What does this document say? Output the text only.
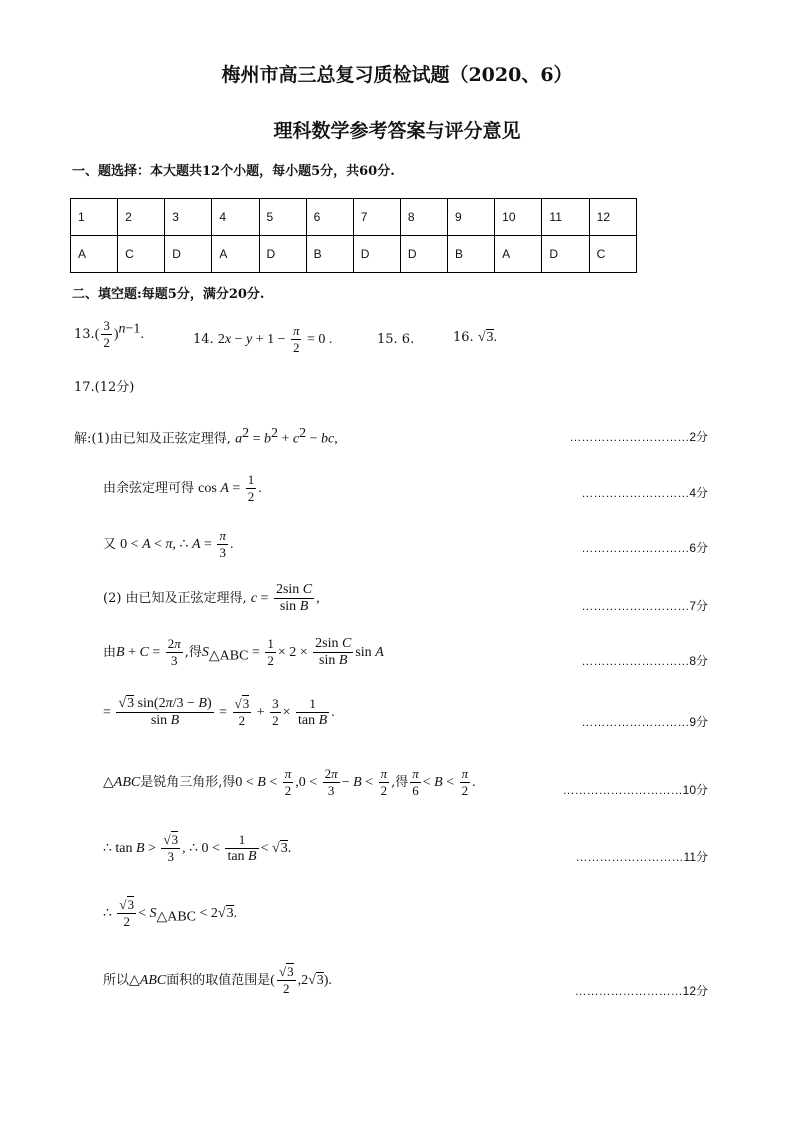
梅州市高三总复习质检试题（2020、6）
理科数学参考答案与评分意见
一、题选择：本大题共12个小题，每小题5分，共60分.
1	2	3	4	5	6	7	8	9	10	11	12
A	C	D	A	D	B	D	D	B	A	D	C
二、填空题:每题5分，满分20分.
$13.( \frac{3}{2} )^{n-1}$.	14. $2x - y + 1 - \frac{\pi}{2} = 0$ .	15. 6.	16. √3.
17.(12分)
解:(1)由已知及正弦定理得, $a^2 = b^2 + c^2$ − bc,	…………………………2分
由余弦定理可得 $\cos A = \frac{1}{2}$ .	………………………4分
又 0 < A < π, ∴ $A = \frac{\pi}{3}$ .	………………………6分
(2) 由已知及正弦定理得, $c = \frac{\text{2sin C}}{\text{sin B}}$ ,	………………………7分
由$B + C = \frac{2\pi}{3}$ ,得$S_{\triangle ABC} = \frac{1}{2} \times 2 \times \frac{\text{2sin C}}{\text{sin B}}$ sin A
………………………8分
= $\frac{√3 \sin(2\pi/3 - B)}{\text{sin B}} = \frac{√3}{2} + \frac{3}{2} \times \frac{1}{\text{tan B}}$ .
………………………9分
△ABC是锐角三角形,得$0 < B < \frac{\pi}{2} ,0 < \frac{2\pi}{3} - B < \frac{\pi}{2}$ ,得 $\frac{\pi}{6} < B < \frac{\pi}{2}$ .	…………………………10分
∴ $\tan B > \frac{√3}{3}$ , ∴ $0 < \frac{1}{\text{tan B}} < √3$.
………………………11分
∴ $\frac{√3}{2} < S_{\triangle ABC} < 2√3$.
所以△ABC面积的取值范围是( $\frac{√3}{2} ,2√3$).
………………………12分
